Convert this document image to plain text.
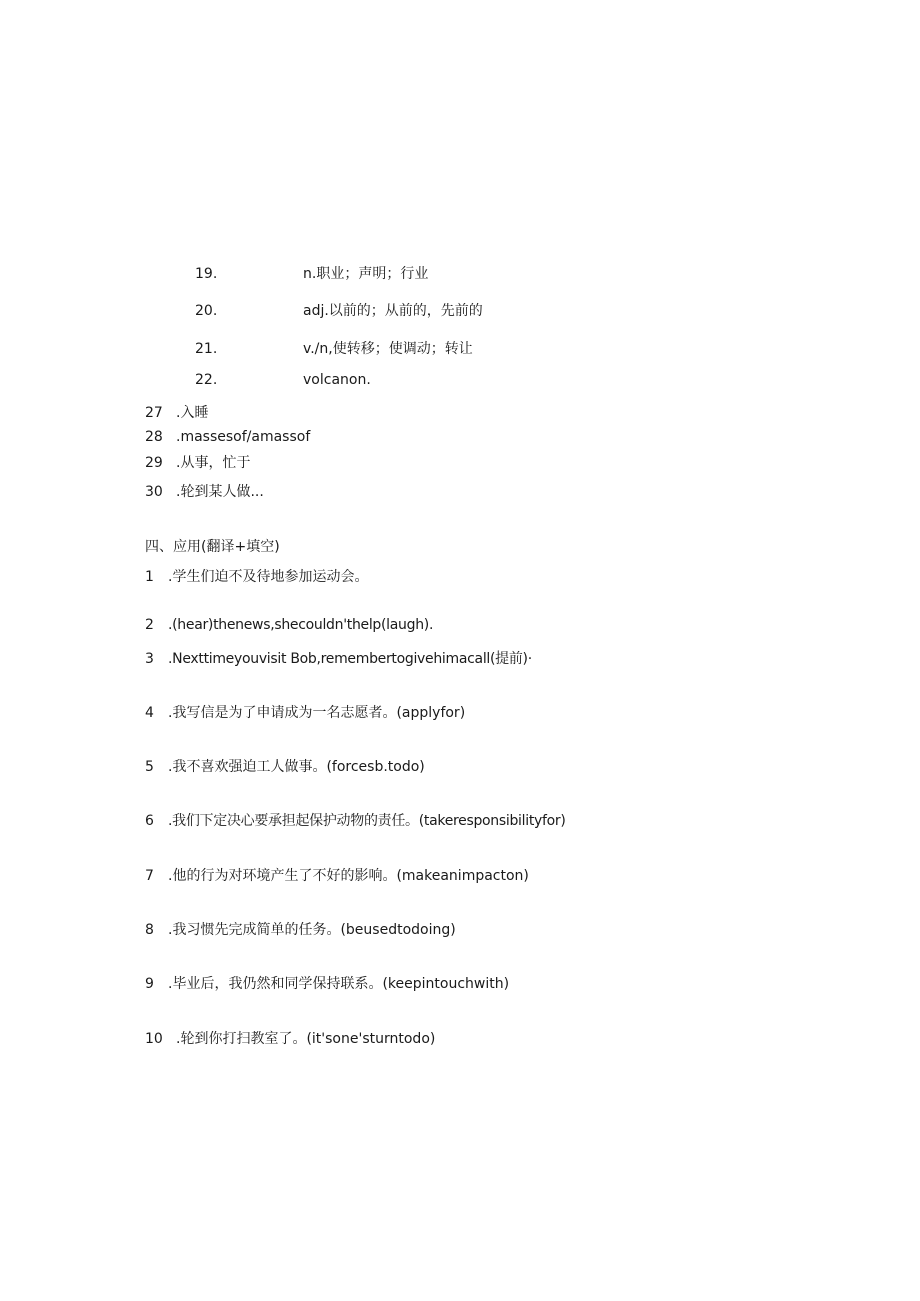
19.	n.职业；声明；行业
20.	adj.以前的；从前的，先前的
21.	v./n,使转移；使调动；转让
22.	volcanon.
27 .入睡
28 .massesof/amassof
29 .从事，忙于
30 .轮到某人做...
四、应用(翻译+填空)
1 .学生们迫不及待地参加运动会。
2 .(hear)thenews,shecouldn'thelp(laugh).
3 .Nexttimeyouvisit Bob,remembertogivehimacall(提前)·
4 .我写信是为了申请成为一名志愿者。(applyfor)
5 .我不喜欢强迫工人做事。(forcesb.todo)
6 .我们下定决心要承担起保护动物的责任。(takeresponsibilityfor)
7 .他的行为对环境产生了不好的影响。(makeanimpacton)
8 .我习惯先完成简单的任务。(beusedtodoing)
9 .毕业后，我仍然和同学保持联系。(keepintouchwith)
10 .轮到你打扫教室了。(it'sone'sturntodo)
